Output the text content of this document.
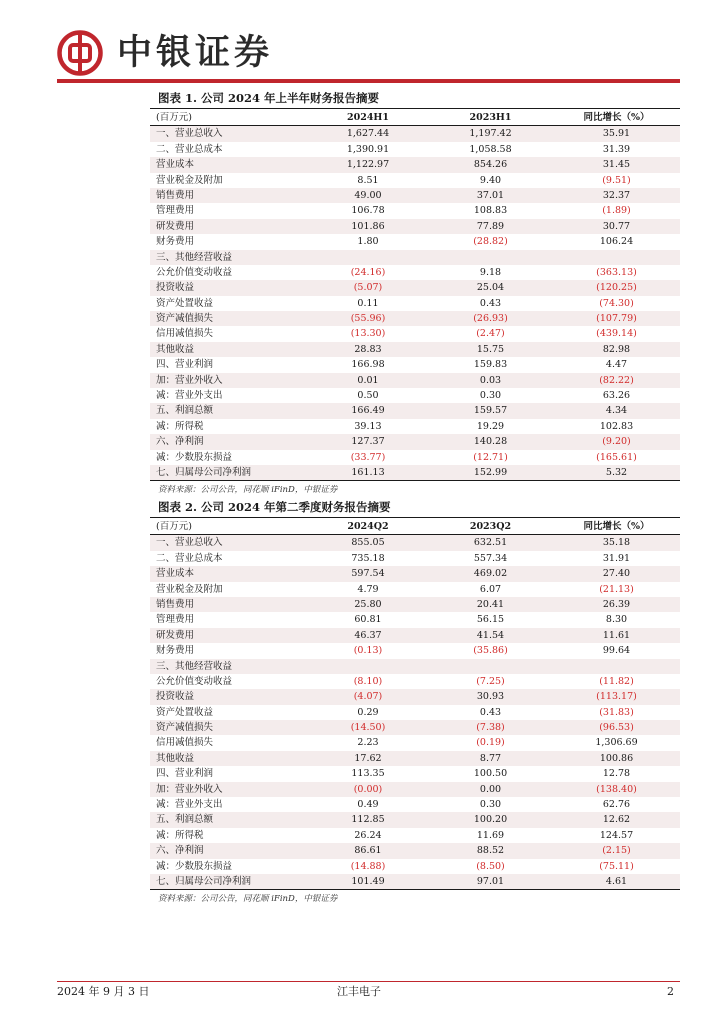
中银证券
图表 1. 公司 2024 年上半年财务报告摘要
(百万元)	2024H1	2023H1	同比增长（%）
一、营业总收入	1,627.44	1,197.42	35.91
二、营业总成本	1,390.91	1,058.58	31.39
营业成本	1,122.97	854.26	31.45
营业税金及附加	8.51	9.40	(9.51)
销售费用	49.00	37.01	32.37
管理费用	106.78	108.83	(1.89)
研发费用	101.86	77.89	30.77
财务费用	1.80	(28.82)	106.24
三、其他经营收益
公允价值变动收益	(24.16)	9.18	(363.13)
投资收益	(5.07)	25.04	(120.25)
资产处置收益	0.11	0.43	(74.30)
资产减值损失	(55.96)	(26.93)	(107.79)
信用减值损失	(13.30)	(2.47)	(439.14)
其他收益	28.83	15.75	82.98
四、营业利润	166.98	159.83	4.47
加：营业外收入	0.01	0.03	(82.22)
减：营业外支出	0.50	0.30	63.26
五、利润总额	166.49	159.57	4.34
减：所得税	39.13	19.29	102.83
六、净利润	127.37	140.28	(9.20)
减：少数股东损益	(33.77)	(12.71)	(165.61)
七、归属母公司净利润	161.13	152.99	5.32
资料来源：公司公告，同花顺 iFinD，中银证券
图表 2. 公司 2024 年第二季度财务报告摘要
(百万元)	2024Q2	2023Q2	同比增长（%）
一、营业总收入	855.05	632.51	35.18
二、营业总成本	735.18	557.34	31.91
营业成本	597.54	469.02	27.40
营业税金及附加	4.79	6.07	(21.13)
销售费用	25.80	20.41	26.39
管理费用	60.81	56.15	8.30
研发费用	46.37	41.54	11.61
财务费用	(0.13)	(35.86)	99.64
三、其他经营收益
公允价值变动收益	(8.10)	(7.25)	(11.82)
投资收益	(4.07)	30.93	(113.17)
资产处置收益	0.29	0.43	(31.83)
资产减值损失	(14.50)	(7.38)	(96.53)
信用减值损失	2.23	(0.19)	1,306.69
其他收益	17.62	8.77	100.86
四、营业利润	113.35	100.50	12.78
加：营业外收入	(0.00)	0.00	(138.40)
减：营业外支出	0.49	0.30	62.76
五、利润总额	112.85	100.20	12.62
减：所得税	26.24	11.69	124.57
六、净利润	86.61	88.52	(2.15)
减：少数股东损益	(14.88)	(8.50)	(75.11)
七、归属母公司净利润	101.49	97.01	4.61
资料来源：公司公告，同花顺 iFinD，中银证券
2024 年 9 月 3 日	江丰电子	2
